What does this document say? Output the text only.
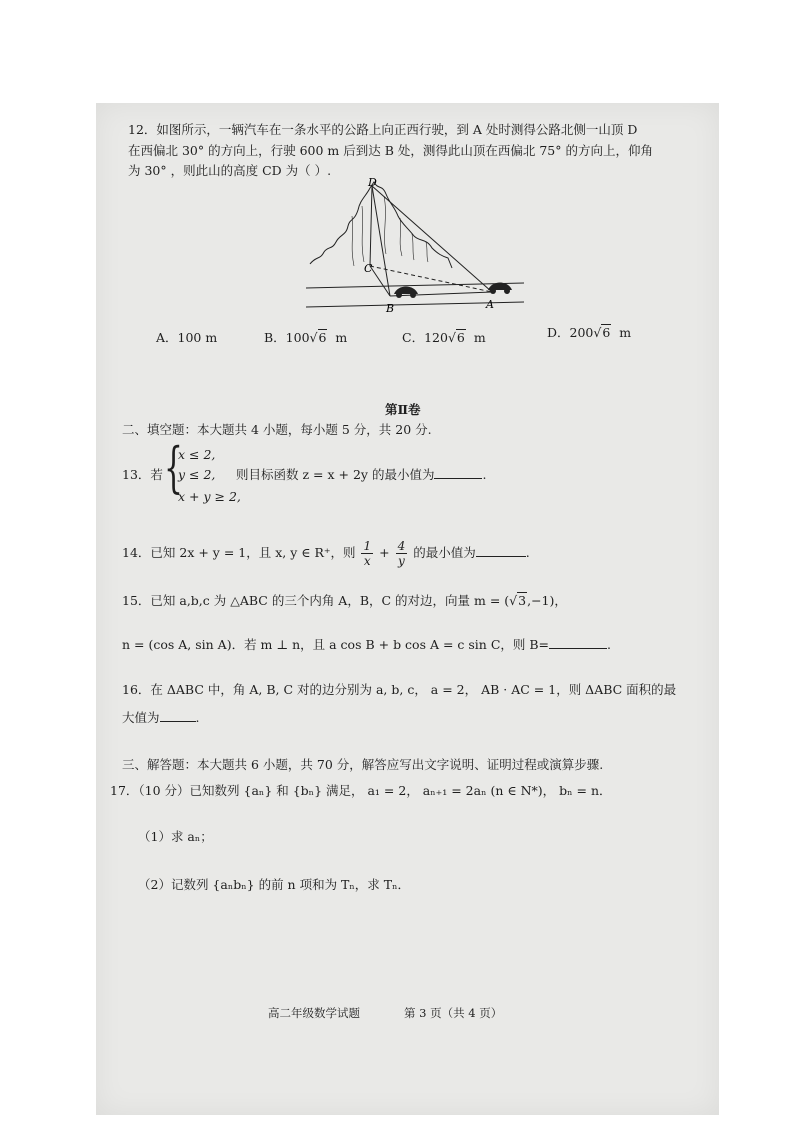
12．如图所示，一辆汽车在一条水平的公路上向正西行驶，到 A 处时测得公路北侧一山顶 D
在西偏北 30° 的方向上，行驶 600 m 后到达 B 处，测得此山顶在西偏北 75° 的方向上，仰角
为 30° ，则此山的高度 CD 为（ ）.
D
C
B	A
A．100 m	B．100√6 m	C．120√6 m	D．200√6 m
第Ⅱ卷
二、填空题：本大题共 4 小题，每小题 5 分，共 20 分.
13．若 {
x ≤ 2,
y ≤ 2,
x + y ≥ 2,
则目标函数 z = x + 2y 的最小值为	.
14．已知 2x + y = 1，且 x, y ∈ R⁺，则 $\frac{1}{x} + \frac{4}{y}$ 的最小值为	.
15．已知 a,b,c 为 △ABC 的三个内角 A，B，C 的对边，向量 m = (√3,−1)，
n = (cos A, sin A)．若 m ⊥ n，且 a cos B + b cos A = c sin C，则 B=	.
16．在 ΔABC 中，角 A, B, C 对的边分别为 a, b, c， a = 2， AB · AC = 1，则 ΔABC 面积的最
大值为	.
三、解答题：本大题共 6 小题，共 70 分，解答应写出文字说明、证明过程或演算步骤.
17．（10 分）已知数列 {aₙ} 和 {bₙ} 满足， a₁ = 2， aₙ₊₁ = 2aₙ (n ∈ N*)， bₙ = n．
（1）求 aₙ；
（2）记数列 {aₙbₙ} 的前 n 项和为 Tₙ，求 Tₙ．
高二年级数学试题	第 3 页（共 4 页）
